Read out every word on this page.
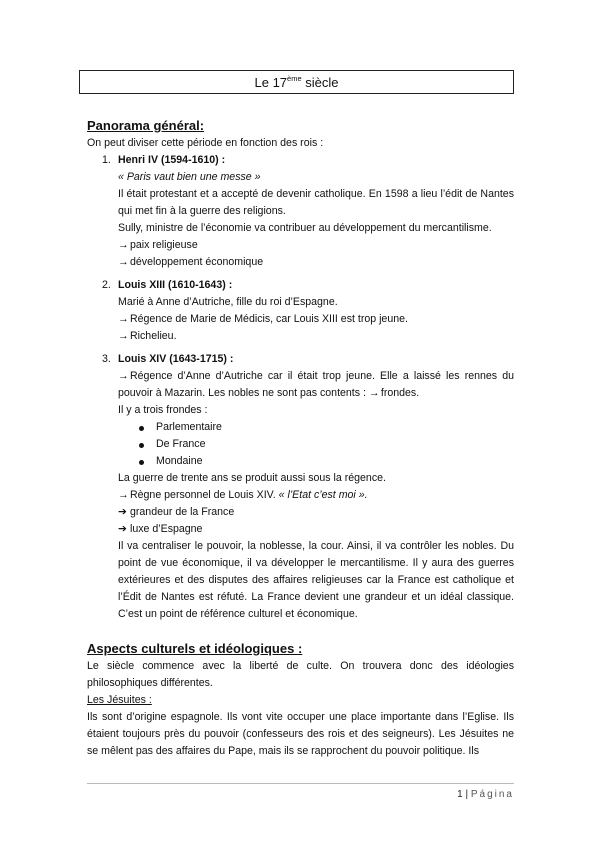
Le 17ème siècle
Panorama général:

On peut diviser cette période en fonction des rois :

1. Henri IV (1594-1610) :
« Paris vaut bien une messe »

Il était protestant et a accepté de devenir catholique. En 1598 a lieu l’édit de Nantes qui met fin à la guerre des religions.

Sully, ministre de l’économie va contribuer au développement du mercantilisme.

→paix religieuse

→développement économique

2. Louis XIII (1610-1643) :

Marié à Anne d’Autriche, fille du roi d’Espagne.

→Régence de Marie de Médicis, car Louis XIII est trop jeune.

→Richelieu.

3. Louis XIV (1643-1715) :

→Régence d’Anne d’Autriche car il était trop jeune. Elle a laissé les rennes du pouvoir à Mazarin. Les nobles ne sont pas contents : →frondes.

Il y a trois frondes :

Parlementaire
De France
Mondaine

La guerre de trente ans se produit aussi sous la régence.

→Règne personnel de Louis XIV. « l’Etat c’est moi ».

➔ grandeur de la France

➔ luxe d’Espagne

Il va centraliser le pouvoir, la noblesse, la cour. Ainsi, il va contrôler les nobles. Du point de vue économique, il va développer le mercantilisme. Il y aura des guerres extérieures et des disputes des affaires religieuses car la France est catholique et l’Édit de Nantes est réfuté. La France devient une grandeur et un idéal classique. C’est un point de référence culturel et économique.

Aspects culturels et idéologiques :

Le siècle commence avec la liberté de culte. On trouvera donc des idéologies philosophiques différentes.

Les Jésuites :

Ils sont d’origine espagnole. Ils vont vite occuper une place importante dans l’Eglise. Ils étaient toujours près du pouvoir (confesseurs des rois et des seigneurs). Les Jésuites ne se mêlent pas des affaires du Pape, mais ils se rapprochent du pouvoir politique. Ils

1 | Página
